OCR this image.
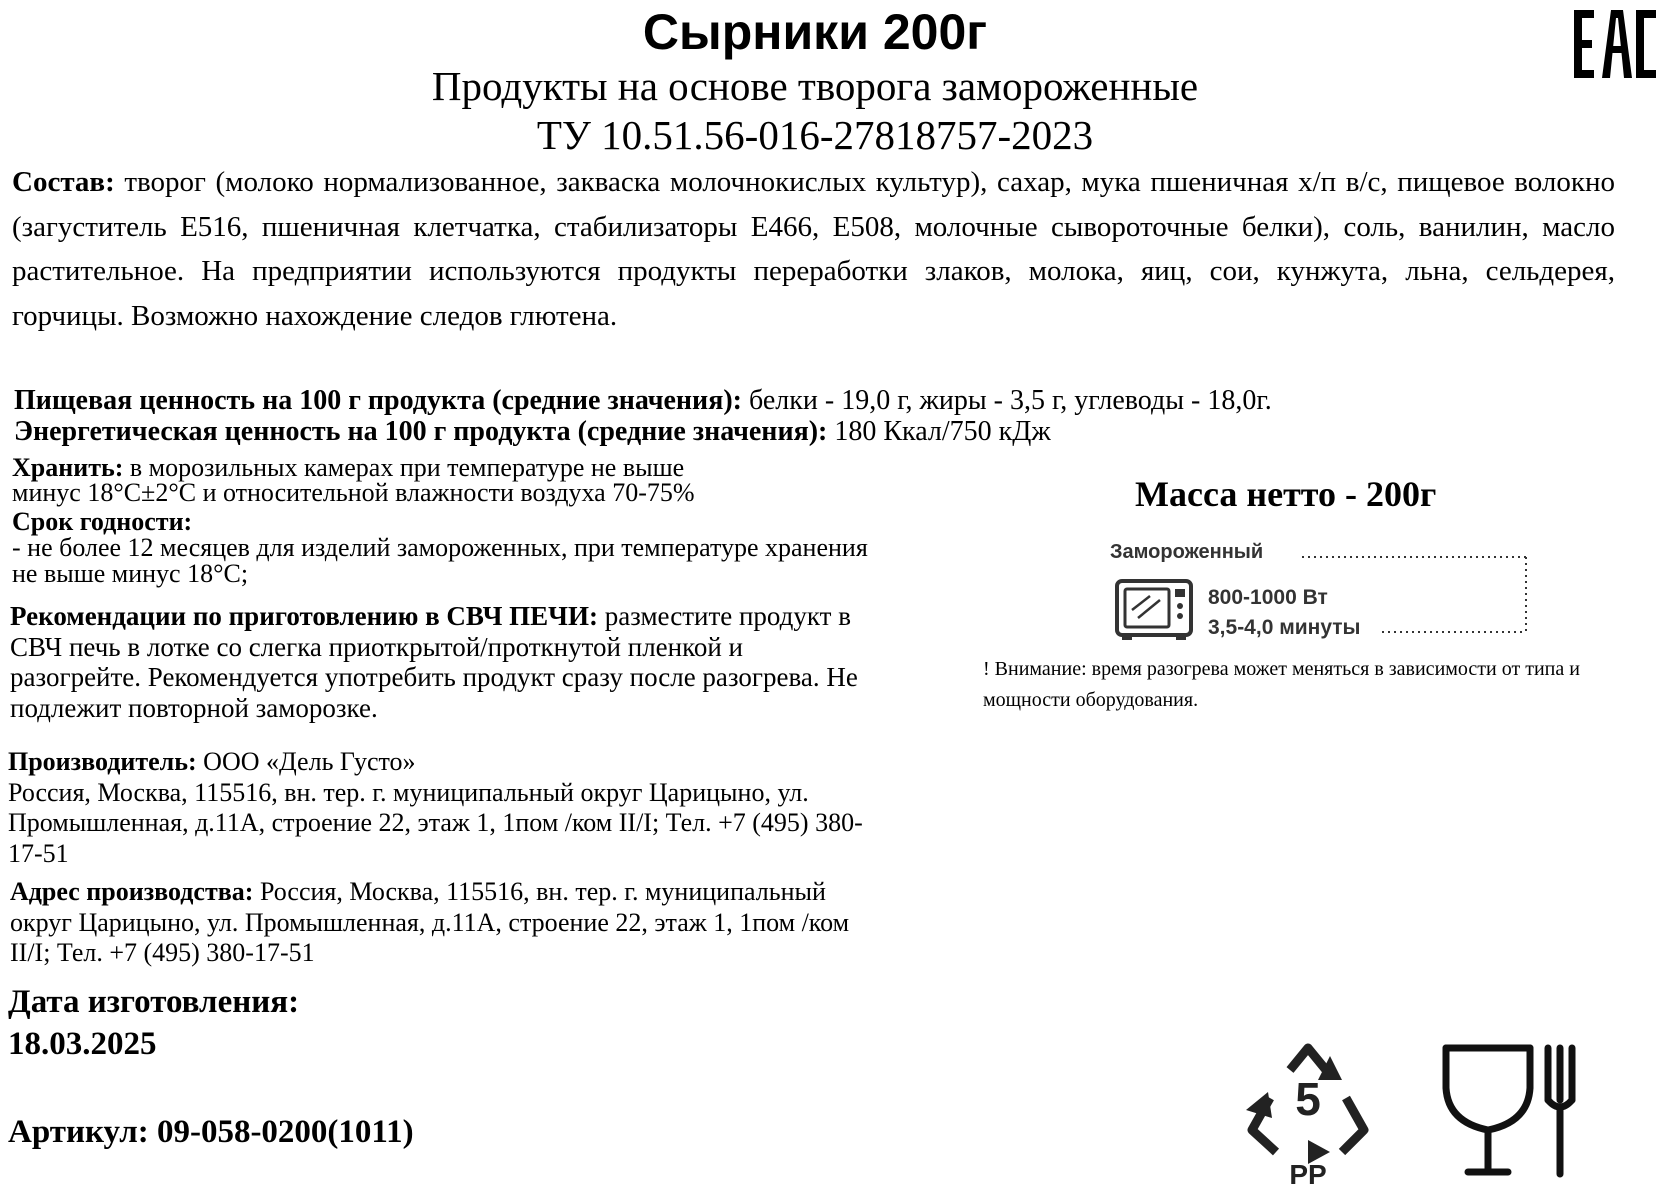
Сырники 200г
Продукты на основе творога замороженные
ТУ 10.51.56-016-27818757-2023
Состав: творог (молоко нормализованное, закваска молочнокислых культур), сахар, мука пшеничная х/п в/с, пищевое волокно (загуститель Е516, пшеничная клетчатка, стабилизаторы Е466, Е508, молочные сывороточные белки), соль, ванилин, масло растительное. На предприятии используются продукты переработки злаков, молока, яиц, сои, кунжута, льна, сельдерея, горчицы. Возможно нахождение следов глютена.
Пищевая ценность на 100 г продукта (средние значения): белки - 19,0 г, жиры - 3,5 г, углеводы - 18,0г.
Энергетическая ценность на 100 г продукта (средние значения): 180 Ккал/750 кДж
Хранить: в морозильных камерах при температуре не выше
минус 18°C±2°C и относительной влажности воздуха 70-75%
Срок годности:
- не более 12 месяцев для изделий замороженных, при температуре хранения
не выше минус 18°C;
Рекомендации по приготовлению в СВЧ ПЕЧИ: разместите продукт в СВЧ печь в лотке со слегка приоткрытой/проткнутой пленкой и разогрейте. Рекомендуется употребить продукт сразу после разогрева. Не подлежит повторной заморозке.
Производитель: ООО «Дель Густо»
Россия, Москва, 115516, вн. тер. г. муниципальный округ Царицыно, ул. Промышленная, д.11А, строение 22, этаж 1, 1пом /ком II/I; Тел. +7 (495) 380-17-51
Адрес производства: Россия, Москва, 115516, вн. тер. г. муниципальный округ Царицыно, ул. Промышленная, д.11А, строение 22, этаж 1, 1пом /ком II/I; Тел. +7 (495) 380-17-51
Дата изготовления:
18.03.2025
Артикул: 09-058-0200(1011)
Масса нетто - 200г
Замороженный
800-1000 Вт
3,5-4,0 минуты
! Внимание: время разогрева может меняться в зависимости от типа и мощности оборудования.
5
PP
